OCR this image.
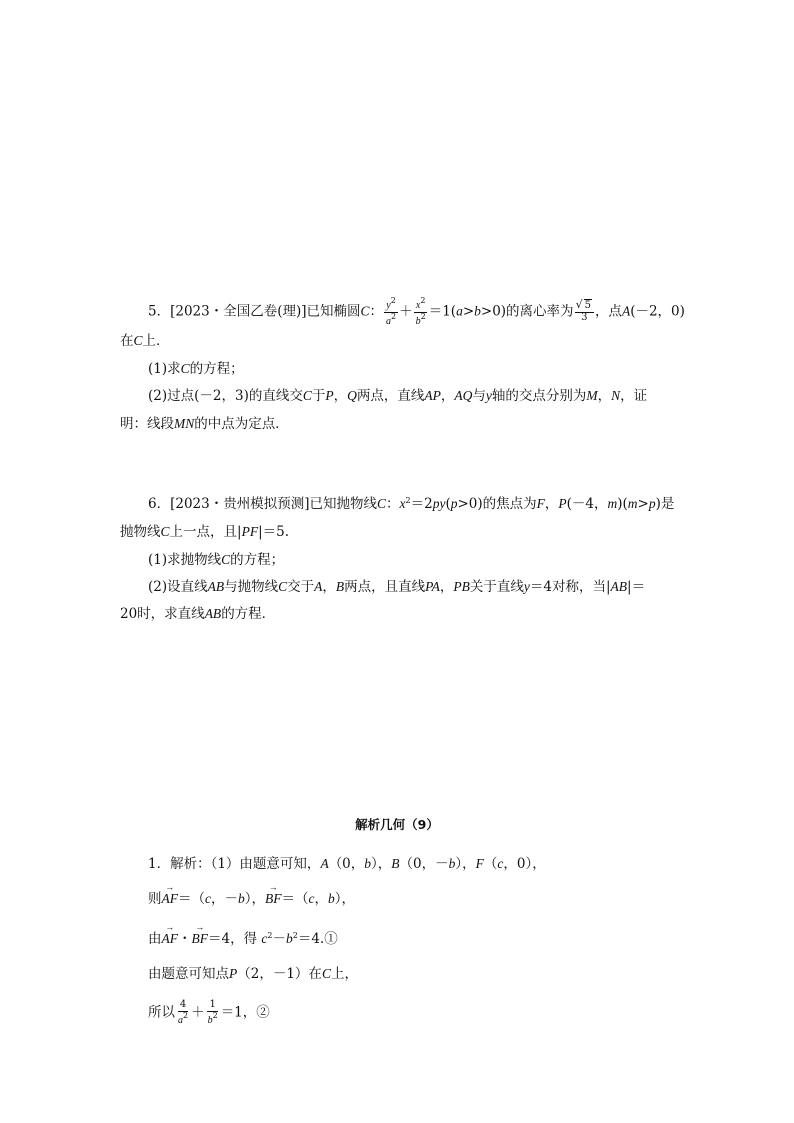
5．[2023・全国乙卷(理)]已知椭圆C： $\frac{y^2}{a^2} + \frac{x^2}{b^2} =1(a>b>0)$的离心率为
√ $\frac{5}{3}$ ，点A(－2，0)
在C上．
(1)求C的方程；
(2)过点(－2，3)的直线交C于P，Q两点，直线AP，AQ与y轴的交点分别为M，N，证
明：线段MN的中点为定点．
6．[2023・贵州模拟预测]已知抛物线C：$x^2=2py(p>0)$的焦点为F，P(－4，m)(m>p)是
抛物线C上一点，且|PF|＝5.
(1)求抛物线C的方程；
(2)设直线AB与抛物线C交于A，B两点，且直线PA，PB关于直线y＝4对称，当|AB|＝
20时，求直线AB的方程．
解析几何（9）
1．解析：（1）由题意可知，A（0，b），B（0，－b），F（c，0），
则→ AF＝（c，－b），→ BF＝（c，b），
由→ AF・→ BF＝4，得 $c^2-b^2=4.①$
由题意可知点P（2，－1）在C上，
所以 $\frac{4}{a^2} + \frac{1}{b^2} =1$，②
